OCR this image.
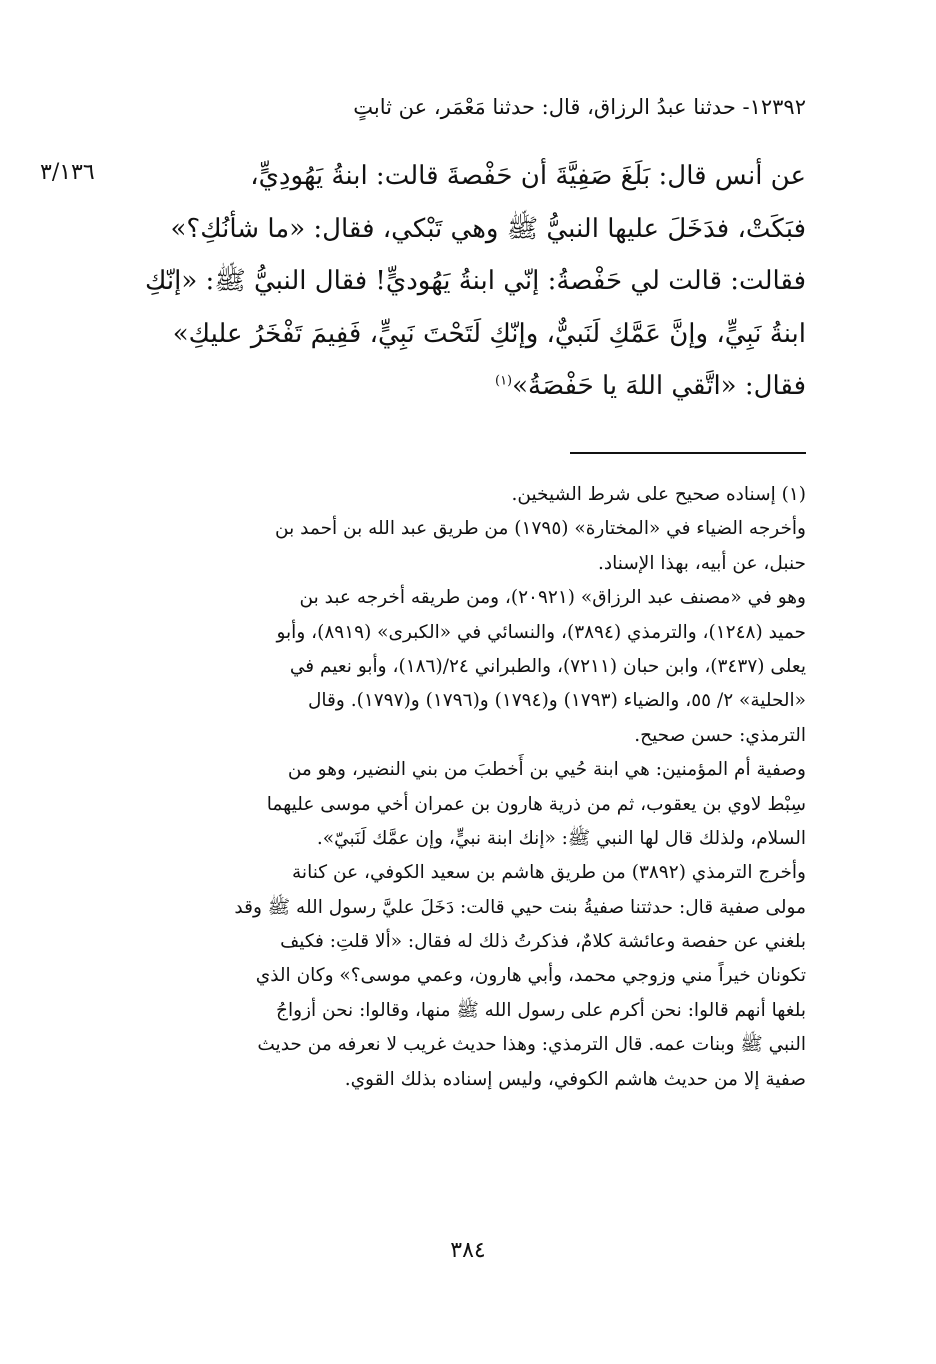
١٢٣٩٢- حدثنا عبدُ الرزاق، قال: حدثنا مَعْمَر، عن ثابتٍ
٣/١٣٦	عن أنس قال: بَلَغَ صَفِيَّةَ أن حَفْصةَ قالت: ابنةُ يَهُودِيٍّ،
فبَكَتْ، فدَخَلَ عليها النبيُّ ﷺ وهي تَبْكي، فقال: «ما شأنُكِ؟»
فقالت: قالت لي حَفْصةُ: إنّي ابنةُ يَهُوديٍّ! فقال النبيُّ ﷺ: «إنّكِ
ابنةُ نَبِيٍّ، وإنَّ عَمَّكِ لَنَبيٌّ، وإنّكِ لَتَحْتَ نَبِيٍّ، فَفِيمَ تَفْخَرُ عليكِ»
فقال: «اتَّقي اللهَ يا حَفْصَةُ»$^{(١)}$
(١) إسناده صحيح على شرط الشيخين.
وأخرجه الضياء في «المختارة» (١٧٩٥) من طريق عبد الله بن أحمد بن
حنبل، عن أبيه، بهذا الإسناد.
وهو في «مصنف عبد الرزاق» (٢٠٩٢١)، ومن طريقه أخرجه عبد بن
حميد (١٢٤٨)، والترمذي (٣٨٩٤)، والنسائي في «الكبرى» (٨٩١٩)، وأبو
يعلى (٣٤٣٧)، وابن حبان (٧٢١١)، والطبراني ٢٤/(١٨٦)، وأبو نعيم في
«الحلية» ٢/ ٥٥، والضياء (١٧٩٣) و(١٧٩٤) و(١٧٩٦) و(١٧٩٧). وقال
الترمذي: حسن صحيح.
وصفية أم المؤمنين: هي ابنة حُيي بن أَخطبَ من بني النضير، وهو من
سِبْط لاوي بن يعقوب، ثم من ذرية هارون بن عمران أخي موسى عليهما
السلام، ولذلك قال لها النبي ﷺ: «إنك ابنة نبيٍّ، وإن عمَّك لَنَبيّ».
وأخرج الترمذي (٣٨٩٢) من طريق هاشم بن سعيد الكوفي، عن كنانة
مولى صفية قال: حدثتنا صفيةُ بنت حيي قالت: دَخَلَ عليَّ رسول الله ﷺ وقد
بلغني عن حفصة وعائشة كلامٌ، فذكرتُ ذلك له فقال: «ألا قلتِ: فكيف
تكونان خيراً مني وزوجي محمد، وأبي هارون، وعمي موسى؟» وكان الذي
بلغها أنهم قالوا: نحن أكرم على رسول الله ﷺ منها، وقالوا: نحن أزواجُ
النبي ﷺ وبنات عمه. قال الترمذي: وهذا حديث غريب لا نعرفه من حديث
صفية إلا من حديث هاشم الكوفي، وليس إسناده بذلك القوي.
٣٨٤
